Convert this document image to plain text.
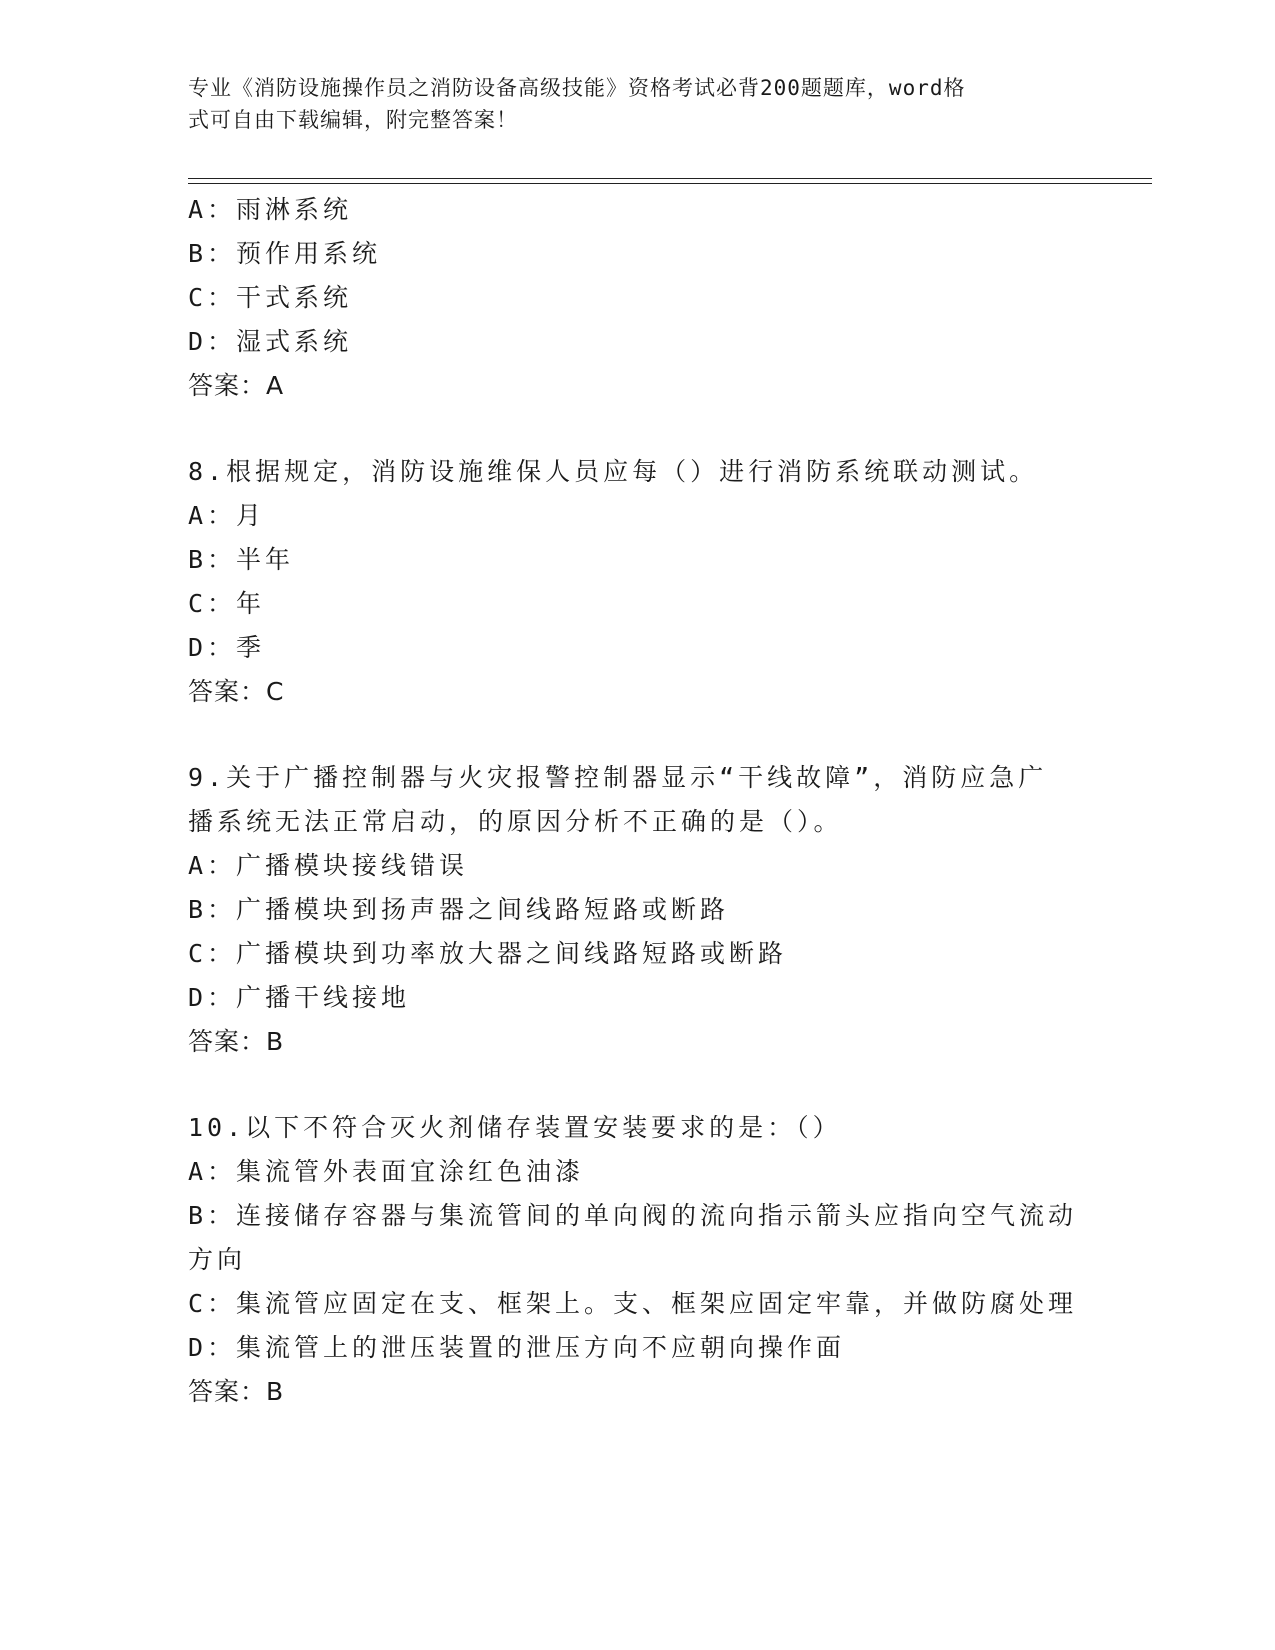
专业《消防设施操作员之消防设备高级技能》资格考试必背200题题库，word格
式可自由下载编辑，附完整答案！
A：雨淋系统
B：预作用系统
C：干式系统
D：湿式系统
答案：A
8.根据规定，消防设施维保人员应每（）进行消防系统联动测试。
A：月
B：半年
C：年
D：季
答案：C
9.关于广播控制器与火灾报警控制器显示“干线故障”，消防应急广
播系统无法正常启动，的原因分析不正确的是（）。
A：广播模块接线错误
B：广播模块到扬声器之间线路短路或断路
C：广播模块到功率放大器之间线路短路或断路
D：广播干线接地
答案：B
10.以下不符合灭火剂储存装置安装要求的是：（）
A：集流管外表面宜涂红色油漆
B：连接储存容器与集流管间的单向阀的流向指示箭头应指向空气流动
方向
C：集流管应固定在支、框架上。支、框架应固定牢靠，并做防腐处理
D：集流管上的泄压装置的泄压方向不应朝向操作面
答案：B
